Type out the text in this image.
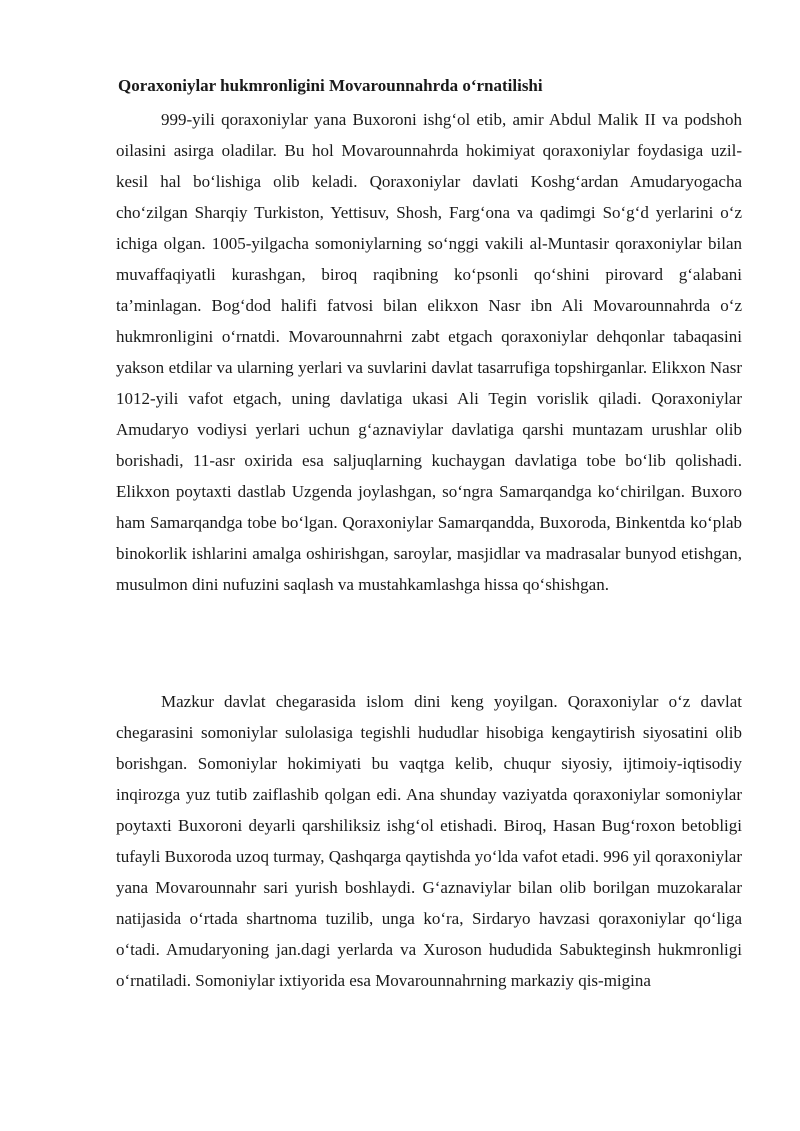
Qoraxoniylar hukmronligini Movarounnahrda o‘rnatilishi

999-yili qoraxoniylar yana Buxoroni ishg‘ol etib, amir Abdul Malik II va podshoh oilasini asirga oladilar. Bu hol Movarounnahrda hokimiyat qoraxoniylar foydasiga uzil-kesil hal bo‘lishiga olib keladi. Qoraxoniylar davlati Koshg‘ardan Amudaryogacha cho‘zilgan Sharqiy Turkiston, Yettisuv, Shosh, Farg‘ona va qadimgi So‘g‘d yerlarini o‘z ichiga olgan. 1005-yilgacha somoniylarning so‘nggi vakili al-Muntasir qoraxoniylar bilan muvaffaqiyatli kurashgan, biroq raqibning ko‘psonli qo‘shini pirovard g‘alabani ta’minlagan. Bog‘dod halifi fatvosi bilan elikxon Nasr ibn Ali Movarounnahrda o‘z hukmronligini o‘rnatdi. Movarounnahrni zabt etgach qoraxoniylar dehqonlar tabaqasini yakson etdilar va ularning yerlari va suvlarini davlat tasarrufiga topshirganlar. Elikxon Nasr 1012-yili vafot etgach, uning davlatiga ukasi Ali Tegin vorislik qiladi. Qoraxoniylar Amudaryo vodiysi yerlari uchun g‘aznaviylar davlatiga qarshi muntazam urushlar olib borishadi, 11-asr oxirida esa saljuqlarning kuchaygan davlatiga tobe bo‘lib qolishadi. Elikxon poytaxti dastlab Uzgenda joylashgan, so‘ngra Samarqandga ko‘chirilgan. Buxoro ham Samarqandga tobe bo‘lgan. Qoraxoniylar Samarqandda, Buxoroda, Binkentda ko‘plab binokorlik ishlarini amalga oshirishgan, saroylar, masjidlar va madrasalar bunyod etishgan, musulmon dini nufuzini saqlash va mustahkamlashga hissa qo‘shishgan.

Mazkur davlat chegarasida islom dini keng yoyilgan. Qoraxoniylar o‘z davlat chegarasini somoniylar sulolasiga tegishli hududlar hisobiga kengaytirish siyosatini olib borishgan. Somoniylar hokimiyati bu vaqtga kelib, chuqur siyosiy, ijtimoiy-iqtisodiy inqirozga yuz tutib zaiflashib qolgan edi. Ana shunday vaziyatda qoraxoniylar somoniylar poytaxti Buxoroni deyarli qarshiliksiz ishg‘ol etishadi. Biroq, Hasan Bug‘roxon betobligi tufayli Buxoroda uzoq turmay, Qashqarga qaytishda yo‘lda vafot etadi. 996 yil qoraxoniylar yana Movarounnahr sari yurish boshlaydi. G‘aznaviylar bilan olib borilgan muzokaralar natijasida o‘rtada shartnoma tuzilib, unga ko‘ra, Sirdaryo havzasi qoraxoniylar qo‘liga o‘tadi. Amudaryoning jan.dagi yerlarda va Xuroson hududida Sabukteginsh hukmronligi o‘rnatiladi. Somoniylar ixtiyorida esa Movarounnahrning markaziy qis-migina
